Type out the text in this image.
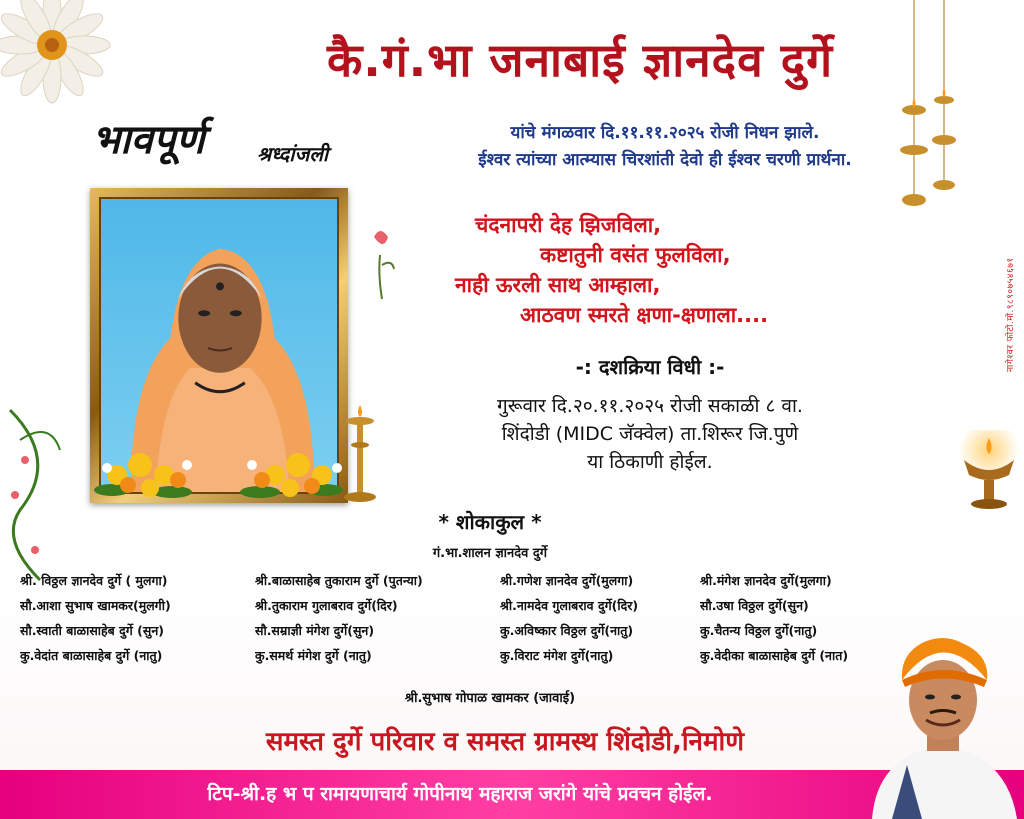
नागेश्वर फोटो.मो.९८९०७५४६७१
कै.गं.भा जनाबाई ज्ञानदेव दुर्गे
भावपूर्ण	श्रध्दांजली
यांचे मंगळवार दि.११.११.२०२५ रोजी निधन झाले.
ईश्वर त्यांच्या आत्म्यास चिरशांती देवो ही ईश्वर चरणी प्रार्थना.
चंदनापरी देह झिजविला,
कष्टातुनी वसंत फुलविला,
नाही ऊरली साथ आम्हाला,
आठवण स्मरते क्षणा-क्षणाला....
-: दशक्रिया विधी :-
गुरूवार दि.२०.११.२०२५ रोजी सकाळी ८ वा.
शिंदोडी (MIDC जॅक्वेल) ता.शिरूर जि.पुणे
या ठिकाणी होईल.
* शोकाकुल *
गं.भा.शालन ज्ञानदेव दुर्गे
श्री. विठ्ठल ज्ञानदेव दुर्गे ( मुलगा)	श्री.बाळासाहेब तुकाराम दुर्गे (पुतन्या)	श्री.गणेश ज्ञानदेव दुर्गे(मुलगा)	श्री.मंगेश ज्ञानदेव दुर्गे(मुलगा)
सौ.आशा सुभाष खामकर(मुलगी)	श्री.तुकाराम गुलाबराव दुर्गे(दिर)	श्री.नामदेव गुलाबराव दुर्गे(दिर)	सौ.उषा विठ्ठल दुर्गे(सुन)
सौ.स्वाती बाळासाहेब दुर्गे (सुन)	सौ.सम्राज्ञी मंगेश दुर्गे(सुन)	कु.अविष्कार विठ्ठल दुर्गे(नातु)	कु.चैतन्य विठ्ठल दुर्गे(नातु)
कु.वेदांत बाळासाहेब दुर्गे (नातु)	कु.समर्थ मंगेश दुर्गे (नातु)	कु.विराट मंगेश दुर्गे(नातु)	कु.वेदीका बाळासाहेब दुर्गे (नात)
श्री.सुभाष गोपाळ खामकर (जावाई)
समस्त दुर्गे परिवार व समस्त ग्रामस्थ शिंदोडी,निमोणे
टिप-श्री.ह भ प रामायणाचार्य गोपीनाथ महाराज जरांगे यांचे प्रवचन होईल.
